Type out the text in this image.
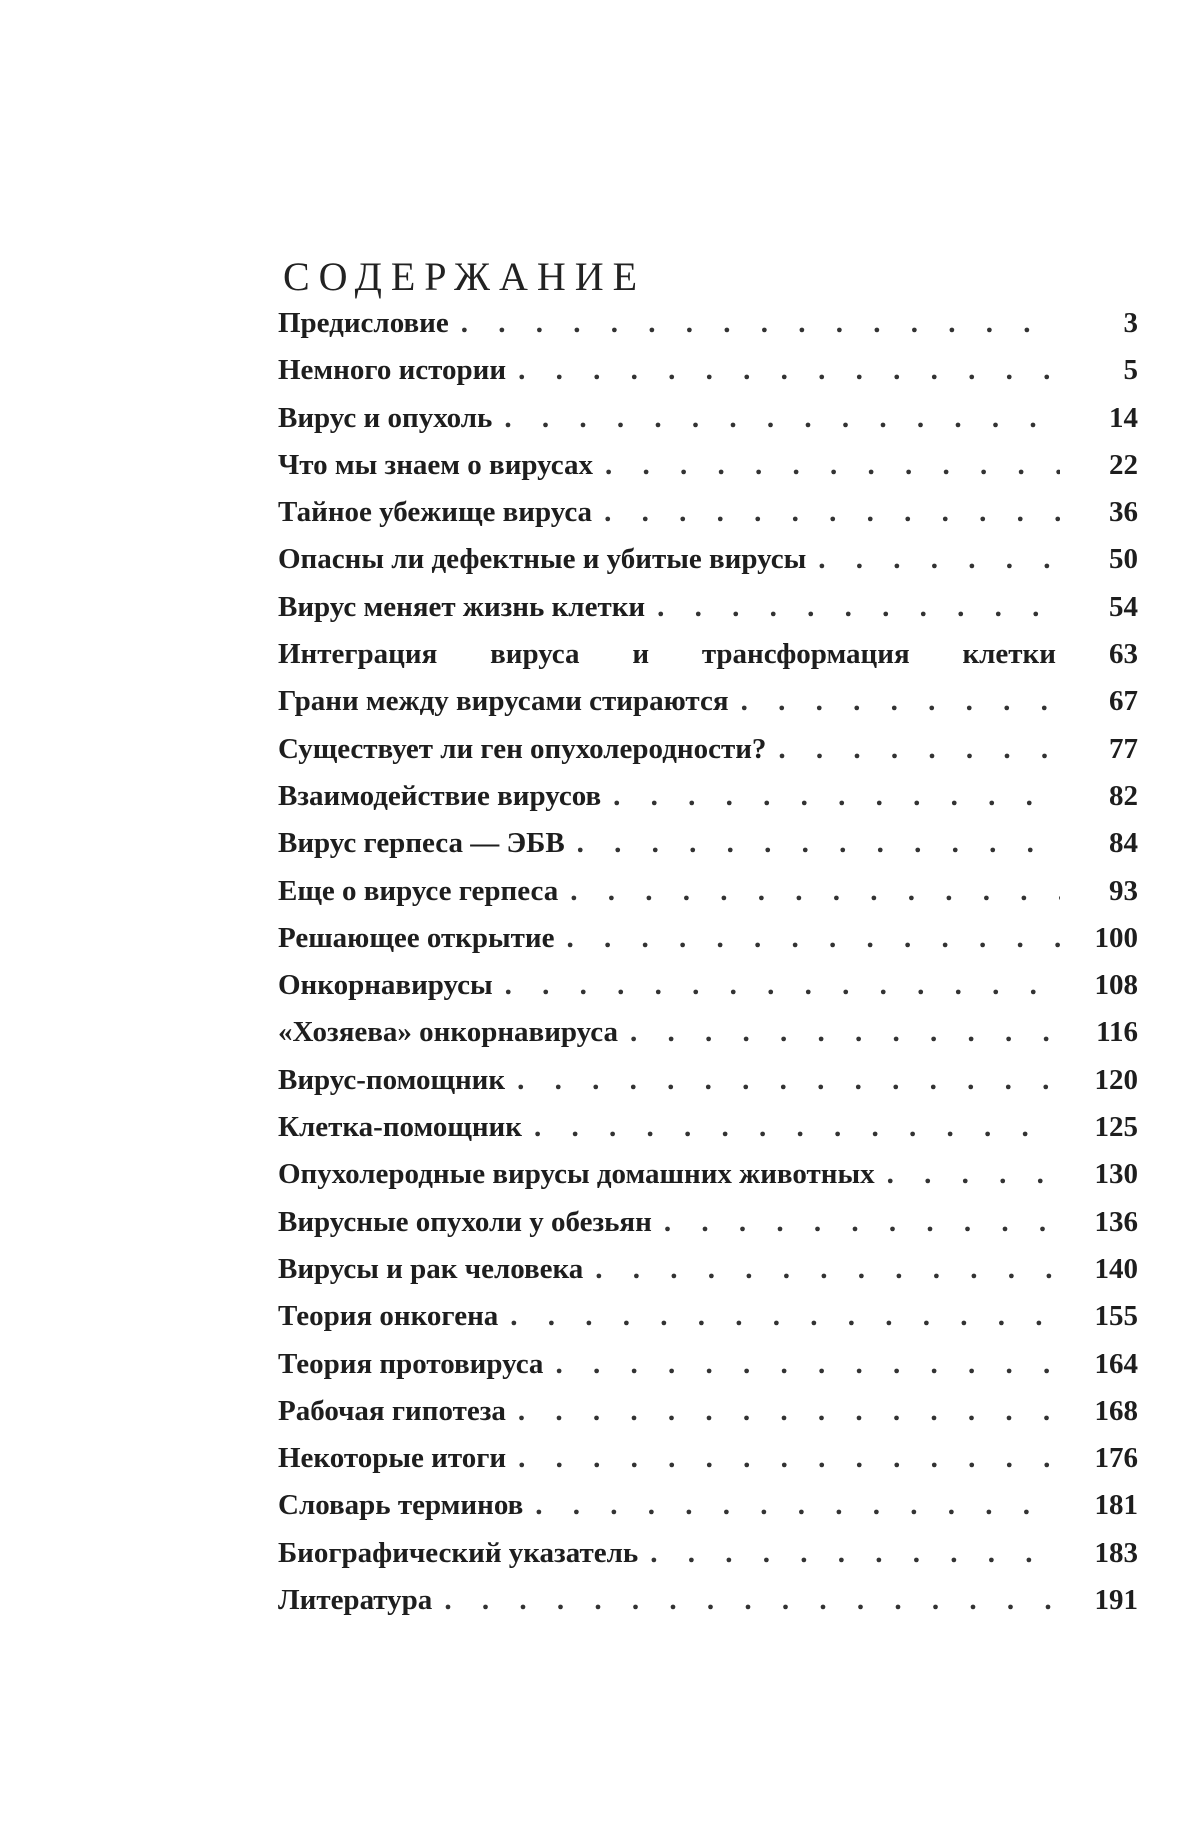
СОДЕРЖАНИЕ
Предисловие . . .	3
Немного истории . . .	5
Вирус и опухоль . . .	14
Что мы знаем о вирусах . . .	22
Тайное убежище вируса . . .	36
Опасны ли дефектные и убитые вирусы . . .	50
Вирус меняет жизнь клетки . . .	54
Интеграция вируса и трансформация клетки	63
Грани между вирусами стираются . . .	67
Существует ли ген опухолеродности? . . .	77
Взаимодействие вирусов . . .	82
Вирус герпеса — ЭБВ . . .	84
Еще о вирусе герпеса . . .	93
Решающее открытие . . .	100
Онкорнавирусы . . .	108
«Хозяева» онкорнавируса . . .	116
Вирус-помощник . . .	120
Клетка-помощник . . .	125
Опухолеродные вирусы домашних животных . . .	130
Вирусные опухоли у обезьян . . .	136
Вирусы и рак человека . . .	140
Теория онкогена . . .	155
Теория протовируса . . .	164
Рабочая гипотеза . . .	168
Некоторые итоги . . .	176
Словарь терминов . . .	181
Биографический указатель . . .	183
Литература . . .	191
